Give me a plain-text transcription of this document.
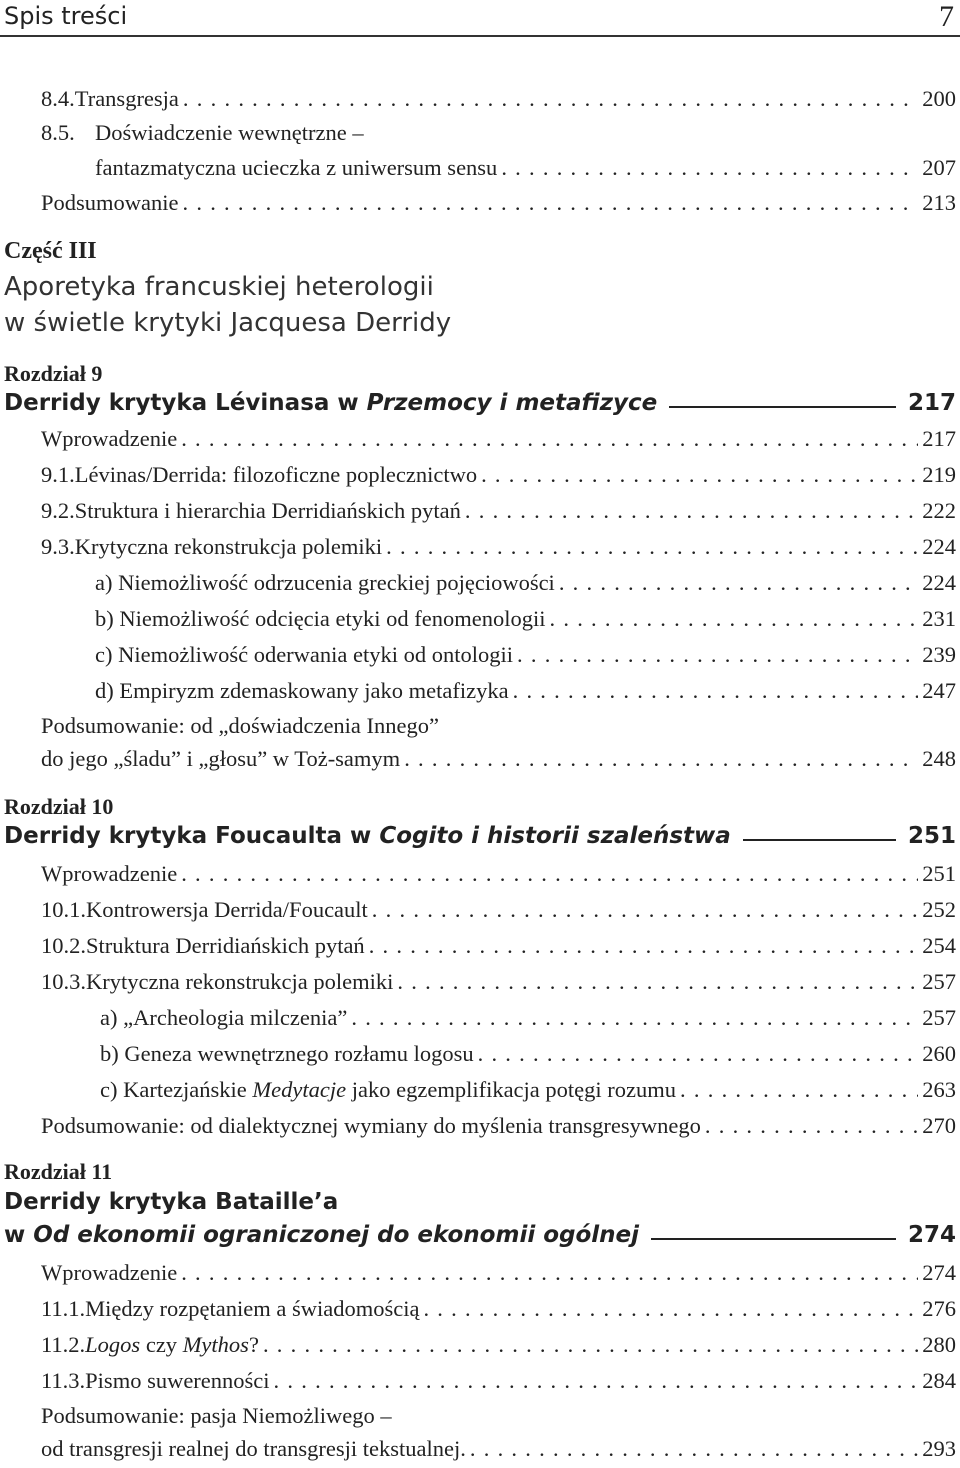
Spis treści	7
8.4. Transgresja . . .	200
8.5. Doświadczenie wewnętrzne –
fantazmatyczna ucieczka z uniwersum sensu . . .	207
Podsumowanie . . .	213
Część III
Aporetyka francuskiej heterologii
w świetle krytyki Jacquesa Derridy
Rozdział 9
Derridy krytyka Lévinasa w Przemocy i metafizyce	217
Wprowadzenie . . .	217
9.1. Lévinas/Derrida: filozoficzne poplecznictwo . . .	219
9.2. Struktura i hierarchia Derridiańskich pytań . . .	222
9.3. Krytyczna rekonstrukcja polemiki . . .	224
a) Niemożliwość odrzucenia greckiej pojęciowości . . .	224
b) Niemożliwość odcięcia etyki od fenomenologii . . .	231
c) Niemożliwość oderwania etyki od ontologii . . .	239
d) Empiryzm zdemaskowany jako metafizyka . . .	247
Podsumowanie: od „doświadczenia Innego”
do jego „śladu” i „głosu” w Toż-samym . . .	248
Rozdział 10
Derridy krytyka Foucaulta w Cogito i historii szaleństwa	251
Wprowadzenie . . .	251
10.1. Kontrowersja Derrida/Foucault . . .	252
10.2. Struktura Derridiańskich pytań . . .	254
10.3. Krytyczna rekonstrukcja polemiki . . .	257
a) „Archeologia milczenia” . . .	257
b) Geneza wewnętrznego rozłamu logosu . . .	260
c) Kartezjańskie Medytacje jako egzemplifikacja potęgi rozumu . . .	263
Podsumowanie: od dialektycznej wymiany do myślenia transgresywnego . . .	270
Rozdział 11
Derridy krytyka Bataille’a
w Od ekonomii ograniczonej do ekonomii ogólnej	274
Wprowadzenie . . .	274
11.1. Między rozpętaniem a świadomością . . .	276
11.2. Logos czy Mythos? . . .	280
11.3. Pismo suwerenności . . .	284
Podsumowanie: pasja Niemożliwego –
od transgresji realnej do transgresji tekstualnej. . . .	293
